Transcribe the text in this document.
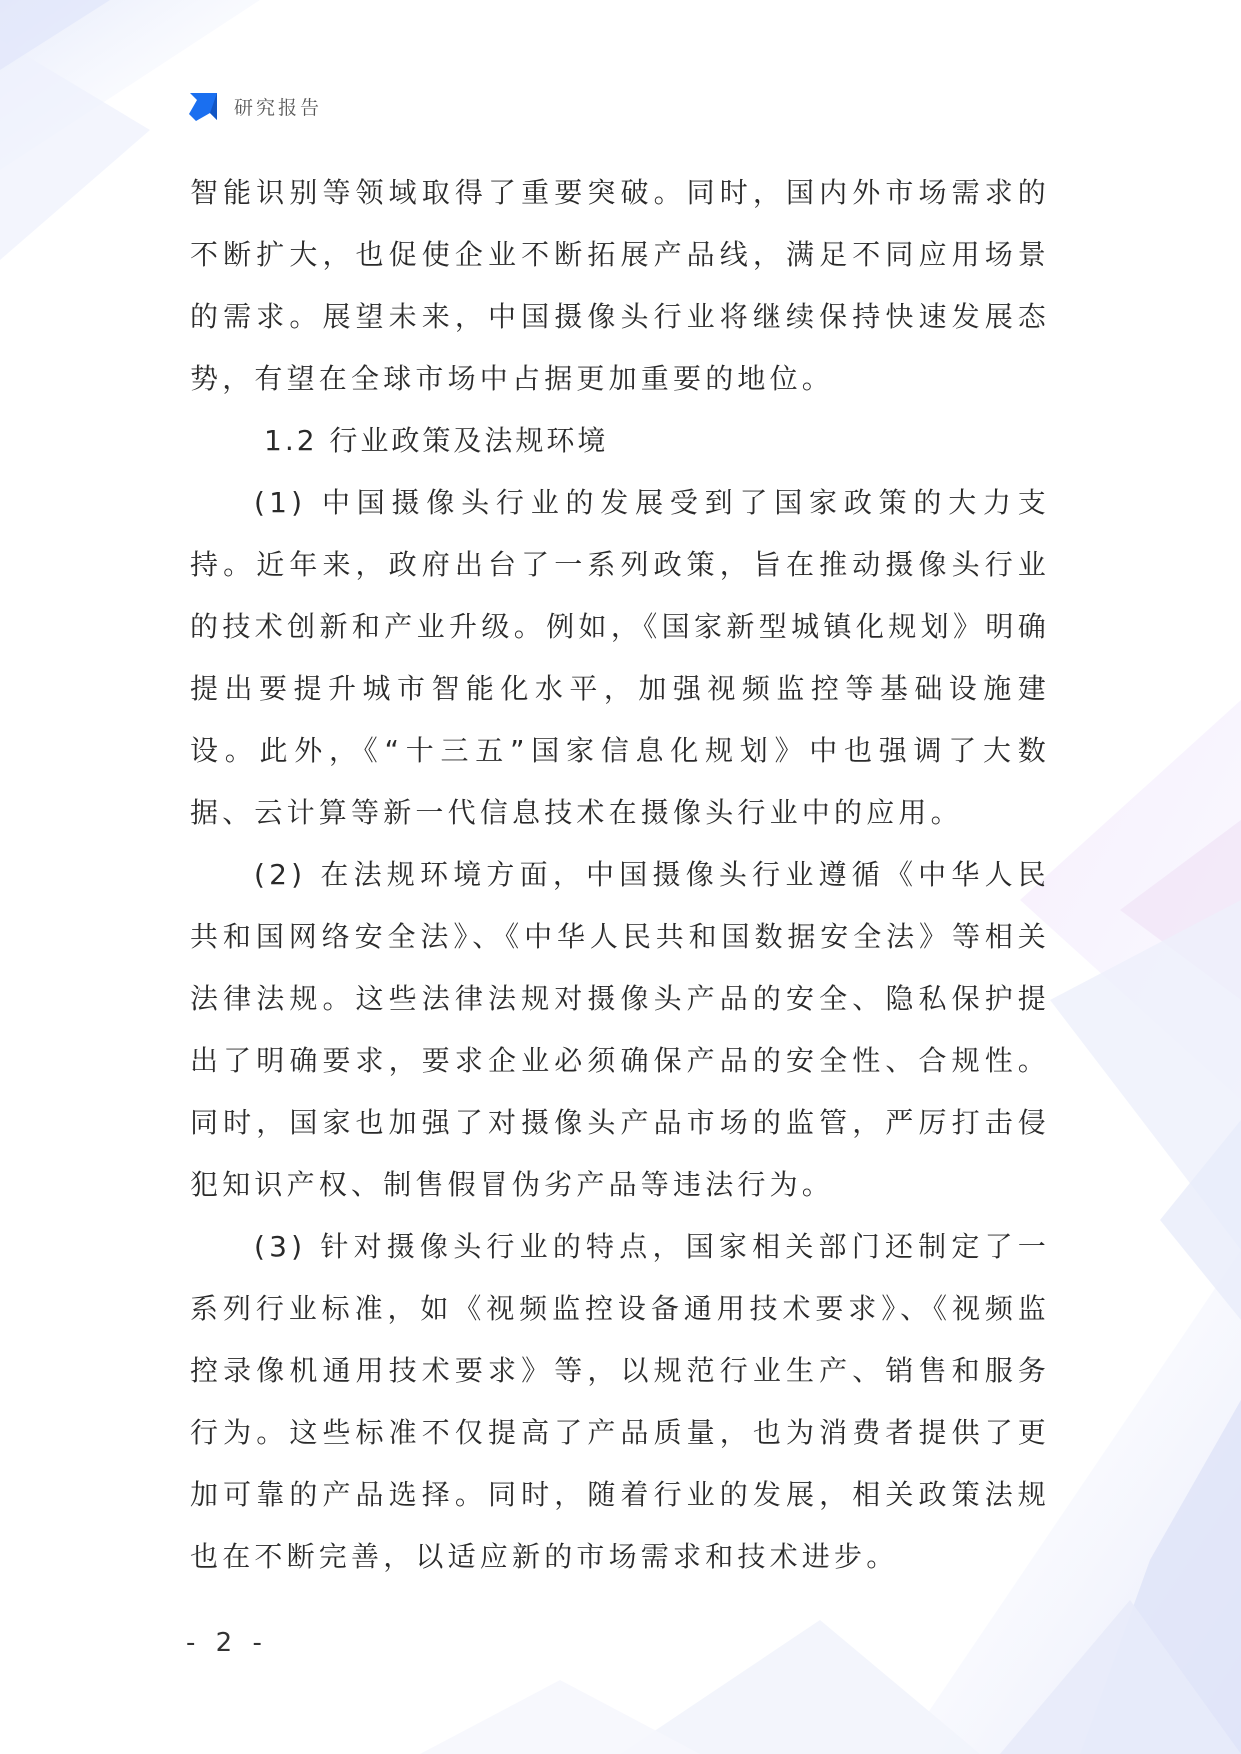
研究报告

智能识别等领域取得了重要突破。同时，国内外市场需求的不断扩大，也促使企业不断拓展产品线，满足不同应用场景的需求。展望未来，中国摄像头行业将继续保持快速发展态势，有望在全球市场中占据更加重要的地位。

1.2 行业政策及法规环境

(1) 中国摄像头行业的发展受到了国家政策的大力支持。近年来，政府出台了一系列政策，旨在推动摄像头行业的技术创新和产业升级。例如，《国家新型城镇化规划》明确提出要提升城市智能化水平，加强视频监控等基础设施建设。此外，《“十三五”国家信息化规划》中也强调了大数据、云计算等新一代信息技术在摄像头行业中的应用。

(2) 在法规环境方面，中国摄像头行业遵循《中华人民共和国网络安全法》、《中华人民共和国数据安全法》等相关法律法规。这些法律法规对摄像头产品的安全、隐私保护提出了明确要求，要求企业必须确保产品的安全性、合规性。同时，国家也加强了对摄像头产品市场的监管，严厉打击侵犯知识产权、制售假冒伪劣产品等违法行为。

(3) 针对摄像头行业的特点，国家相关部门还制定了一系列行业标准，如《视频监控设备通用技术要求》、《视频监控录像机通用技术要求》等，以规范行业生产、销售和服务行为。这些标准不仅提高了产品质量，也为消费者提供了更加可靠的产品选择。同时，随着行业的发展，相关政策法规也在不断完善，以适应新的市场需求和技术进步。

- 2 -
